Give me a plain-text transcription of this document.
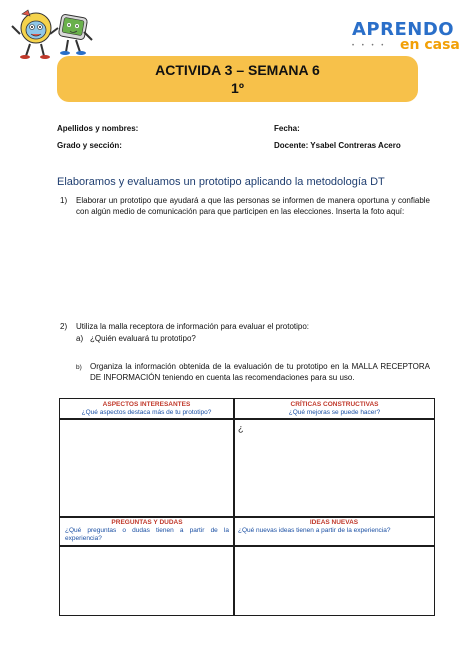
APRENDO
• • • • en casa
ACTIVIDA 3 – SEMANA 6
1º
Apellidos y nombres:	Fecha:
Grado y sección:	Docente: Ysabel Contreras Acero
Elaboramos y evaluamos un prototipo aplicando la metodología DT
1) Elaborar un prototipo que ayudará a que las personas se informen de manera oportuna y confiable con algún medio de comunicación para que participen en las elecciones. Inserta la foto aquí:
2) Utiliza la malla receptora de información para evaluar el prototipo:
a) ¿Quién evaluará tu prototipo?
b) Organiza la información obtenida de la evaluación de tu prototipo en la MALLA RECEPTORA DE INFORMACIÓN teniendo en cuenta las recomendaciones para su uso.
ASPECTOS INTERESANTES
¿Qué aspectos destaca más de tu prototipo?
CRÍTICAS CONSTRUCTIVAS
¿Qué mejoras se puede hacer?
¿
PREGUNTAS Y DUDAS
¿Qué preguntas o dudas tienen a partir de la experiencia?
IDEAS NUEVAS
¿Qué nuevas ideas tienen a partir de la experiencia?
